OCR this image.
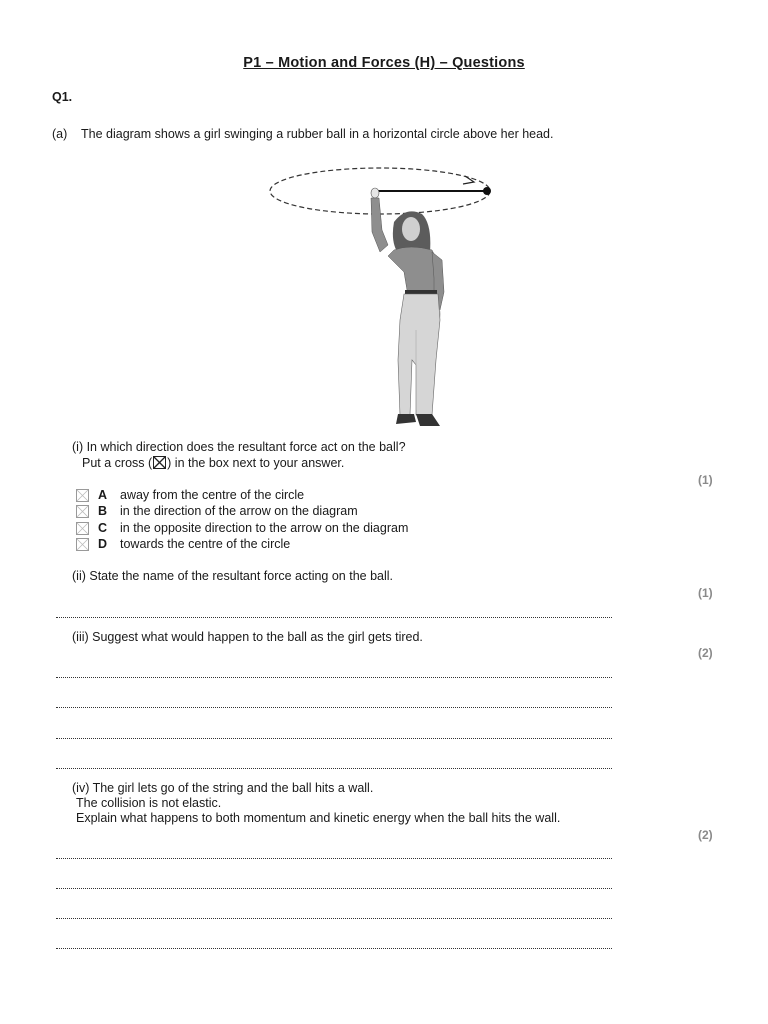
P1 – Motion and Forces (H) – Questions
Q1.
(a) The diagram shows a girl swinging a rubber ball in a horizontal circle above her head.
(i) In which direction does the resultant force act on the ball?
Put a cross (☒) in the box next to your answer.
(1)
A away from the centre of the circle
B in the direction of the arrow on the diagram
C in the opposite direction to the arrow on the diagram
D towards the centre of the circle
(ii) State the name of the resultant force acting on the ball.
(1)
(iii) Suggest what would happen to the ball as the girl gets tired.
(2)
(iv) The girl lets go of the string and the ball hits a wall.
The collision is not elastic.
Explain what happens to both momentum and kinetic energy when the ball hits the wall.
(2)
